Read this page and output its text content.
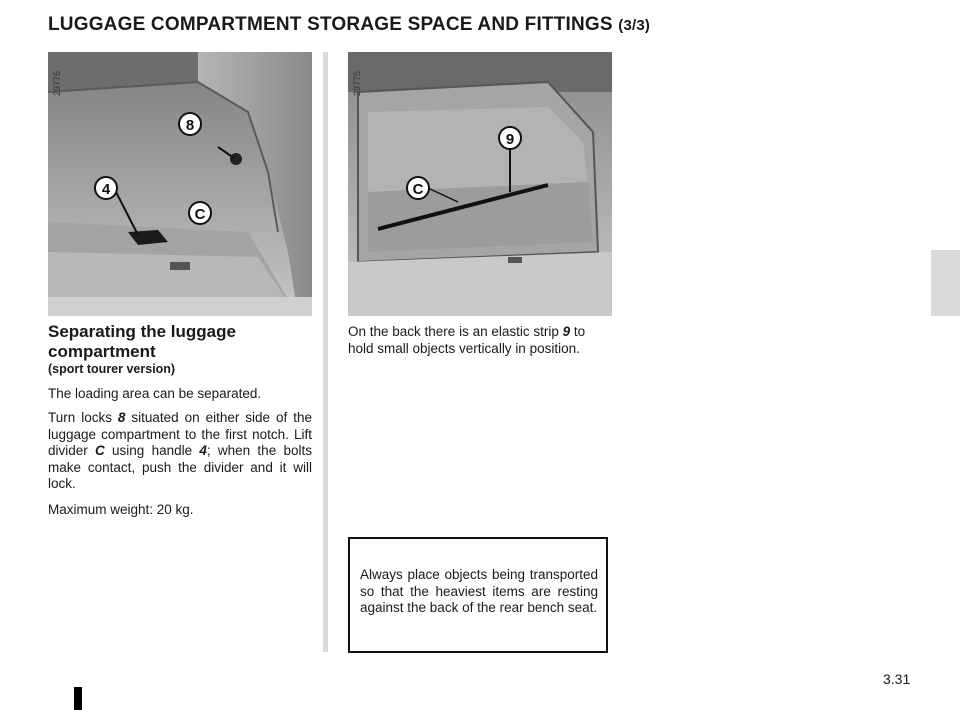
LUGGAGE COMPARTMENT STORAGE SPACE AND FITTINGS (3/3)
8
4
C
29776
9
C
29775
Separating the luggage compartment
(sport tourer version)
The loading area can be separated.
Turn locks 8 situated on either side of the luggage compartment to the first notch. Lift divider C using handle 4; when the bolts make contact, push the divider and it will lock.
Maximum weight: 20 kg.
On the back there is an elastic strip 9 to hold small objects vertically in position.
Always place objects being transported so that the heaviest items are resting against the back of the rear bench seat.
3.31
